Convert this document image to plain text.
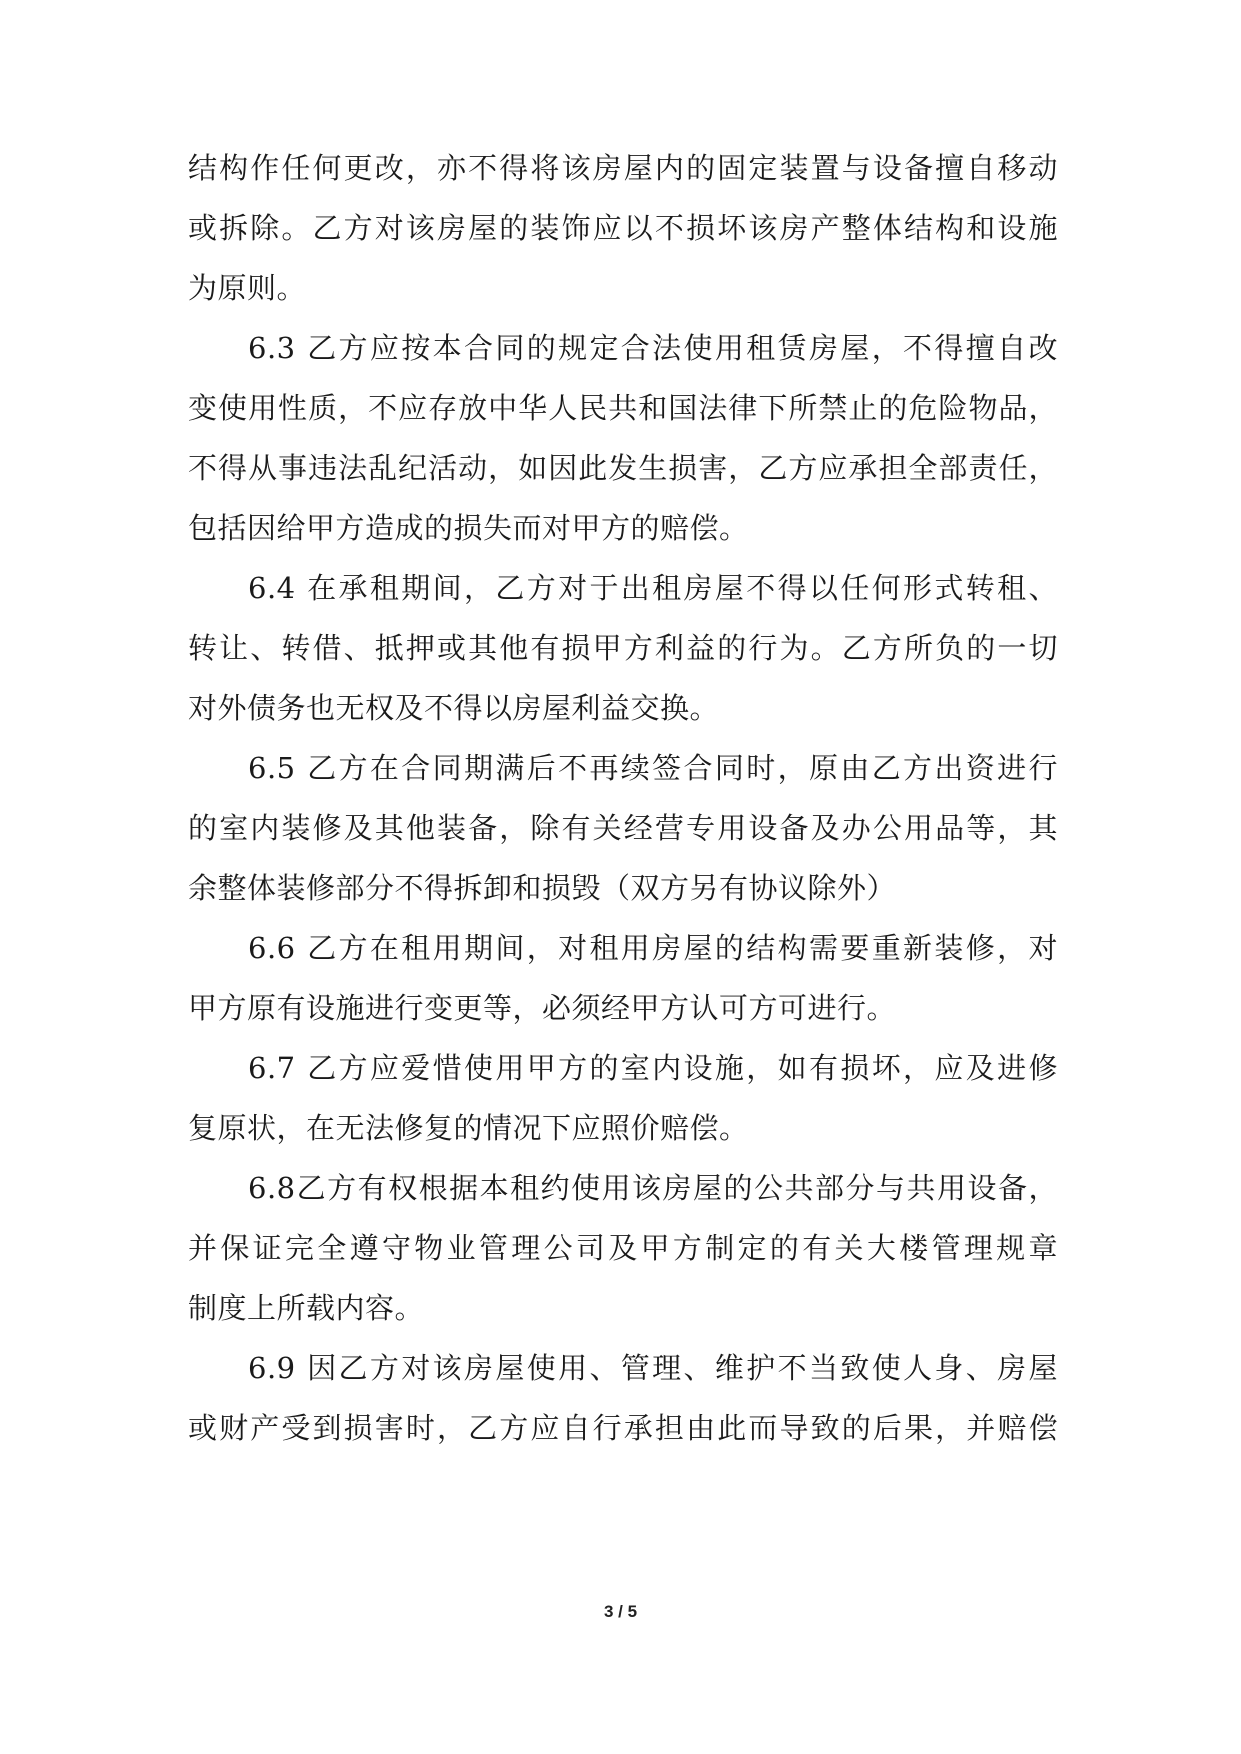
结构作任何更改，亦不得将该房屋内的固定装置与设备擅自移动
或拆除。乙方对该房屋的装饰应以不损坏该房产整体结构和设施
为原则。
6.3 乙方应按本合同的规定合法使用租赁房屋，不得擅自改
变使用性质，不应存放中华人民共和国法律下所禁止的危险物品，
不得从事违法乱纪活动，如因此发生损害，乙方应承担全部责任，
包括因给甲方造成的损失而对甲方的赔偿。
6.4 在承租期间，乙方对于出租房屋不得以任何形式转租、
转让、转借、抵押或其他有损甲方利益的行为。乙方所负的一切
对外债务也无权及不得以房屋利益交换。
6.5 乙方在合同期满后不再续签合同时，原由乙方出资进行
的室内装修及其他装备，除有关经营专用设备及办公用品等，其
余整体装修部分不得拆卸和损毁（双方另有协议除外）
6.6 乙方在租用期间，对租用房屋的结构需要重新装修，对
甲方原有设施进行变更等，必须经甲方认可方可进行。
6.7 乙方应爱惜使用甲方的室内设施，如有损坏，应及进修
复原状，在无法修复的情况下应照价赔偿。
6.8乙方有权根据本租约使用该房屋的公共部分与共用设备，
并保证完全遵守物业管理公司及甲方制定的有关大楼管理规章
制度上所载内容。
6.9 因乙方对该房屋使用、管理、维护不当致使人身、房屋
或财产受到损害时，乙方应自行承担由此而导致的后果，并赔偿
3 / 5
